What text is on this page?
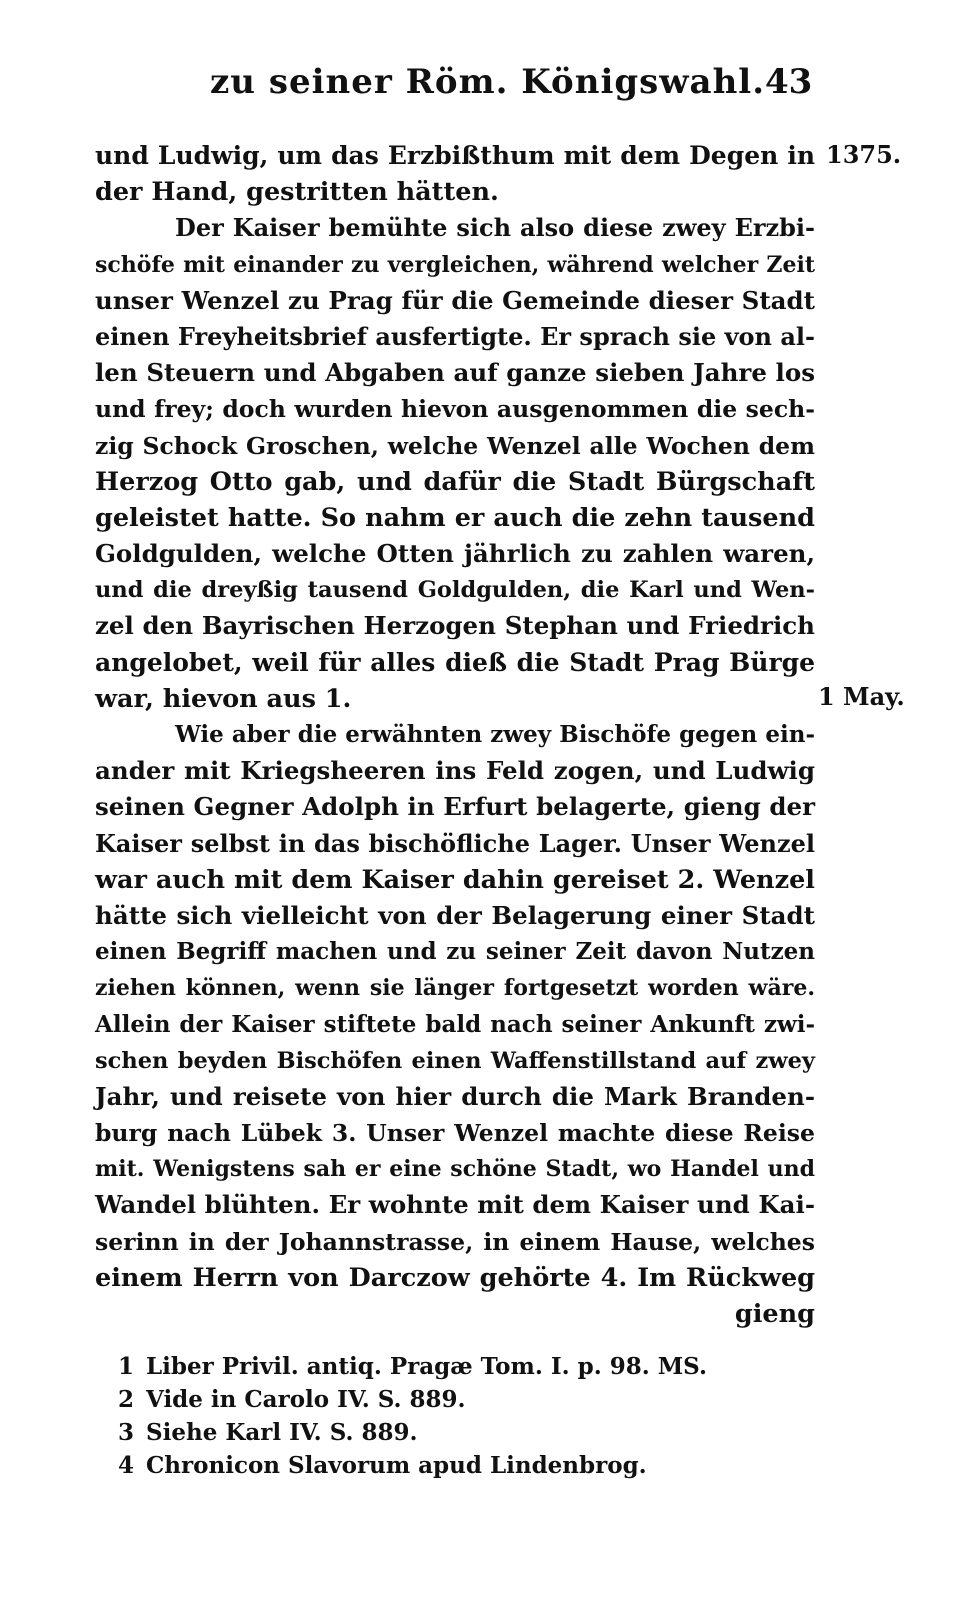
zu seiner Röm. Königswahl. 43
1375.
1 May.
und Ludwig, um das Erzbißthum mit dem Degen in
der Hand, gestritten hätten.
Der Kaiser bemühte sich also diese zwey Erzbi-
schöfe mit einander zu vergleichen, während welcher Zeit
unser Wenzel zu Prag für die Gemeinde dieser Stadt
einen Freyheitsbrief ausfertigte. Er sprach sie von al-
len Steuern und Abgaben auf ganze sieben Jahre los
und frey; doch wurden hievon ausgenommen die sech-
zig Schock Groschen, welche Wenzel alle Wochen dem
Herzog Otto gab, und dafür die Stadt Bürgschaft
geleistet hatte. So nahm er auch die zehn tausend
Goldgulden, welche Otten jährlich zu zahlen waren,
und die dreyßig tausend Goldgulden, die Karl und Wen-
zel den Bayrischen Herzogen Stephan und Friedrich
angelobet, weil für alles dieß die Stadt Prag Bürge
war, hievon aus 1.
Wie aber die erwähnten zwey Bischöfe gegen ein-
ander mit Kriegsheeren ins Feld zogen, und Ludwig
seinen Gegner Adolph in Erfurt belagerte, gieng der
Kaiser selbst in das bischöfliche Lager. Unser Wenzel
war auch mit dem Kaiser dahin gereiset 2. Wenzel
hätte sich vielleicht von der Belagerung einer Stadt
einen Begriff machen und zu seiner Zeit davon Nutzen
ziehen können, wenn sie länger fortgesetzt worden wäre.
Allein der Kaiser stiftete bald nach seiner Ankunft zwi-
schen beyden Bischöfen einen Waffenstillstand auf zwey
Jahr, und reisete von hier durch die Mark Branden-
burg nach Lübek 3. Unser Wenzel machte diese Reise
mit. Wenigstens sah er eine schöne Stadt, wo Handel und
Wandel blühten. Er wohnte mit dem Kaiser und Kai-
serinn in der Johannstrasse, in einem Hause, welches
einem Herrn von Darczow gehörte 4. Im Rückweg
gieng
1 Liber Privil. antiq. Pragæ Tom. I. p. 98. MS.
2 Vide in Carolo IV. S. 889.
3 Siehe Karl IV. S. 889.
4 Chronicon Slavorum apud Lindenbrog.
